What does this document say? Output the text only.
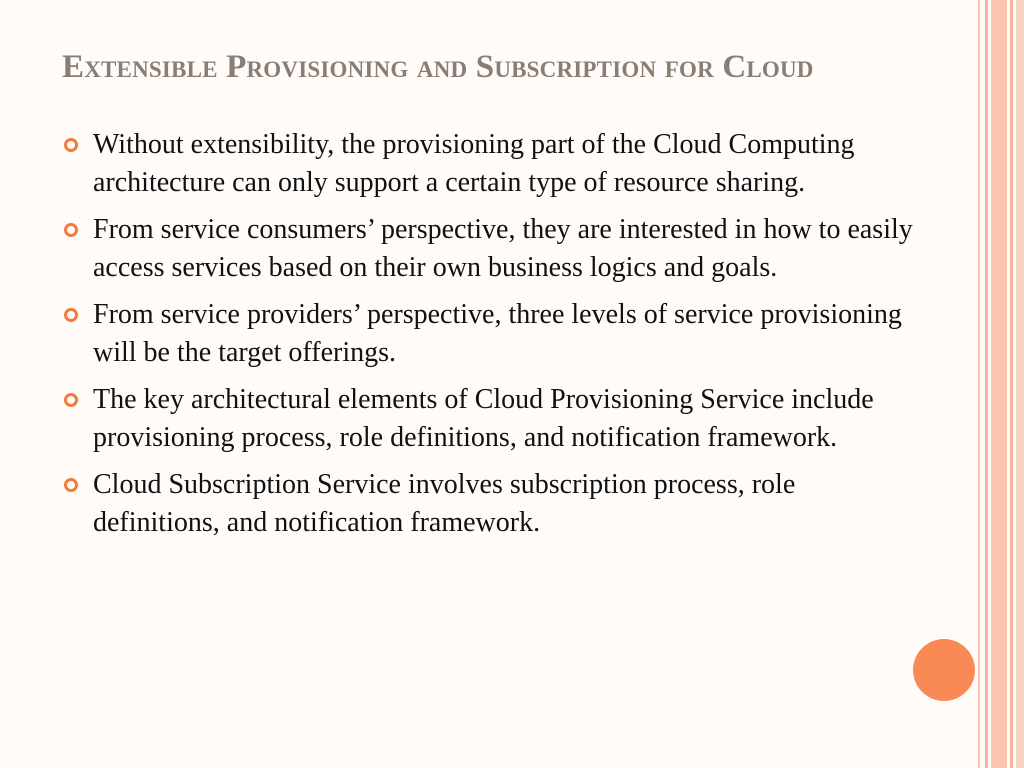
Extensible Provisioning and Subscription for Cloud
Without extensibility, the provisioning part of the Cloud Computing architecture can only support a certain type of resource sharing.
From service consumers’ perspective, they are interested in how to easily access services based on their own business logics and goals.
From service providers’ perspective, three levels of service provisioning will be the target offerings.
The key architectural elements of Cloud Provisioning Service include provisioning process, role definitions, and notification framework.
Cloud Subscription Service involves subscription process, role definitions, and notification framework.
